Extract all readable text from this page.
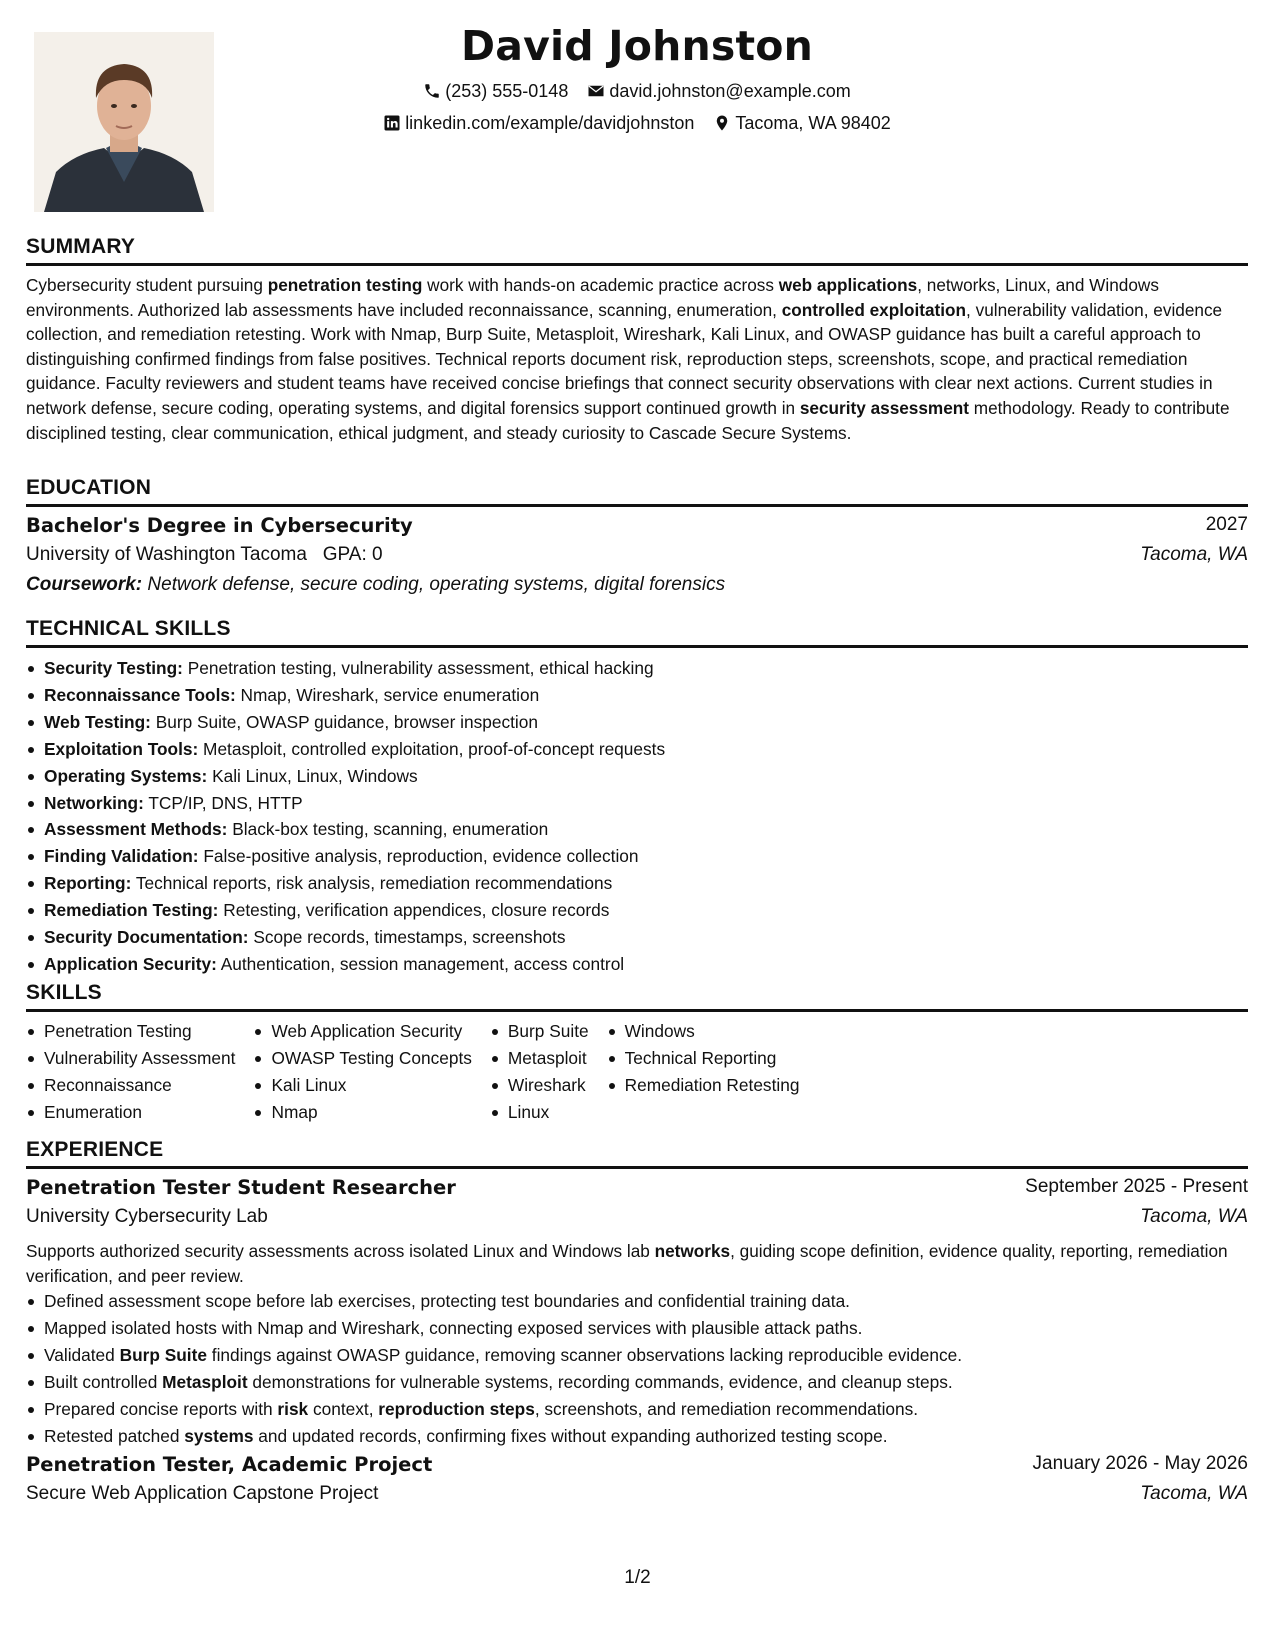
David Johnston
(253) 555-0148
david.johnston@example.com
linkedin.com/example/davidjohnston
Tacoma, WA 98402
SUMMARY
Cybersecurity student pursuing penetration testing work with hands-on academic practice across web applications, networks, Linux, and Windows environments. Authorized lab assessments have included reconnaissance, scanning, enumeration, controlled exploitation, vulnerability validation, evidence collection, and remediation retesting. Work with Nmap, Burp Suite, Metasploit, Wireshark, Kali Linux, and OWASP guidance has built a careful approach to distinguishing confirmed findings from false positives. Technical reports document risk, reproduction steps, screenshots, scope, and practical remediation guidance. Faculty reviewers and student teams have received concise briefings that connect security observations with clear next actions. Current studies in network defense, secure coding, operating systems, and digital forensics support continued growth in security assessment methodology. Ready to contribute disciplined testing, clear communication, ethical judgment, and steady curiosity to Cascade Secure Systems.
EDUCATION
Bachelor's Degree in Cybersecurity	2027
University of Washington Tacoma GPA: 0	Tacoma, WA
Coursework: Network defense, secure coding, operating systems, digital forensics
TECHNICAL SKILLS
Security Testing: Penetration testing, vulnerability assessment, ethical hacking
Reconnaissance Tools: Nmap, Wireshark, service enumeration
Web Testing: Burp Suite, OWASP guidance, browser inspection
Exploitation Tools: Metasploit, controlled exploitation, proof-of-concept requests
Operating Systems: Kali Linux, Linux, Windows
Networking: TCP/IP, DNS, HTTP
Assessment Methods: Black-box testing, scanning, enumeration
Finding Validation: False-positive analysis, reproduction, evidence collection
Reporting: Technical reports, risk analysis, remediation recommendations
Remediation Testing: Retesting, verification appendices, closure records
Security Documentation: Scope records, timestamps, screenshots
Application Security: Authentication, session management, access control
SKILLS
Penetration Testing
Vulnerability Assessment
Reconnaissance
Enumeration
Web Application Security
OWASP Testing Concepts
Kali Linux
Nmap
Burp Suite
Metasploit
Wireshark
Linux
Windows
Technical Reporting
Remediation Retesting
EXPERIENCE
Penetration Tester Student Researcher	September 2025 - Present
University Cybersecurity Lab	Tacoma, WA
Supports authorized security assessments across isolated Linux and Windows lab networks, guiding scope definition, evidence quality, reporting, remediation verification, and peer review.
Defined assessment scope before lab exercises, protecting test boundaries and confidential training data.
Mapped isolated hosts with Nmap and Wireshark, connecting exposed services with plausible attack paths.
Validated Burp Suite findings against OWASP guidance, removing scanner observations lacking reproducible evidence.
Built controlled Metasploit demonstrations for vulnerable systems, recording commands, evidence, and cleanup steps.
Prepared concise reports with risk context, reproduction steps, screenshots, and remediation recommendations.
Retested patched systems and updated records, confirming fixes without expanding authorized testing scope.
Penetration Tester, Academic Project	January 2026 - May 2026
Secure Web Application Capstone Project	Tacoma, WA
1/2
